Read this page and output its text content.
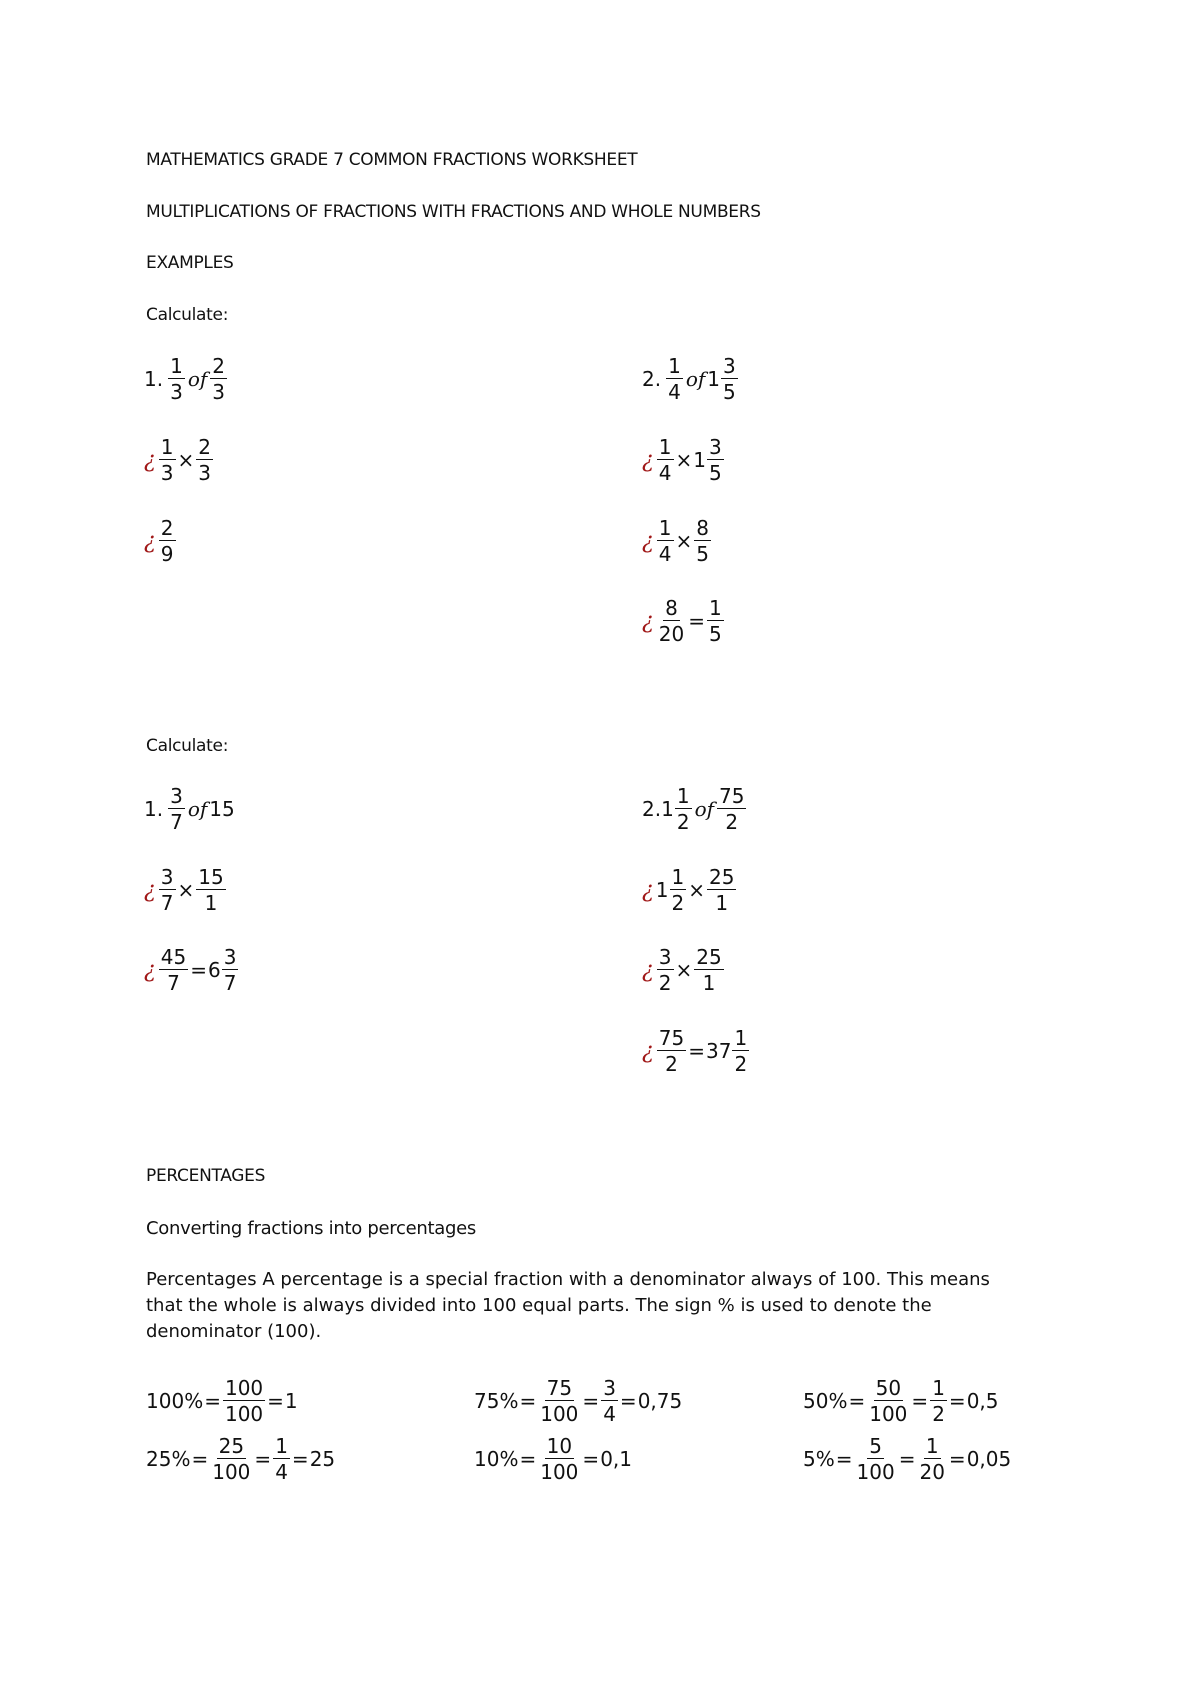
MATHEMATICS GRADE 7 COMMON FRACTIONS WORKSHEET
MULTIPLICATIONS OF FRACTIONS WITH FRACTIONS AND WHOLE NUMBERS
EXAMPLES
Calculate:
1. $\frac{1}{3}$ of $\frac{2}{3}$
¿ $\frac{1}{3} \times \frac{2}{3}$
¿ $\frac{2}{9}$
2. $\frac{1}{4}$ of $1 \frac{3}{5}$
¿ $\frac{1}{4} \times 1 \frac{3}{5}$
¿ $\frac{1}{4} \times \frac{8}{5}$
¿ $\frac{8}{20} = \frac{1}{5}$
Calculate:
1. $\frac{3}{7}$ of 15
¿ $\frac{3}{7} \times \frac{15}{1}$
¿ $\frac{45}{7} = 6 \frac{3}{7}$
2. $1 \frac{1}{2}$ of $\frac{75}{2}$
¿ $1 \frac{1}{2} \times \frac{25}{1}$
¿ $\frac{3}{2} \times \frac{25}{1}$
¿ $\frac{75}{2} = 37 \frac{1}{2}$
PERCENTAGES
Converting fractions into percentages
Percentages A percentage is a special fraction with a denominator always of 100. This means that the whole is always divided into 100 equal parts. The sign % is used to denote the denominator (100).
100 % = $\frac{100}{100} = 1$	75 % = $\frac{75}{100} = \frac{3}{4} = 0,75$	50 % = $\frac{50}{100} = \frac{1}{2} = 0,5$
25 % = $\frac{25}{100} = \frac{1}{4} = 25$	10 % = $\frac{10}{100} = 0,1$	5 % = $\frac{5}{100} = \frac{1}{20} = 0,05$
